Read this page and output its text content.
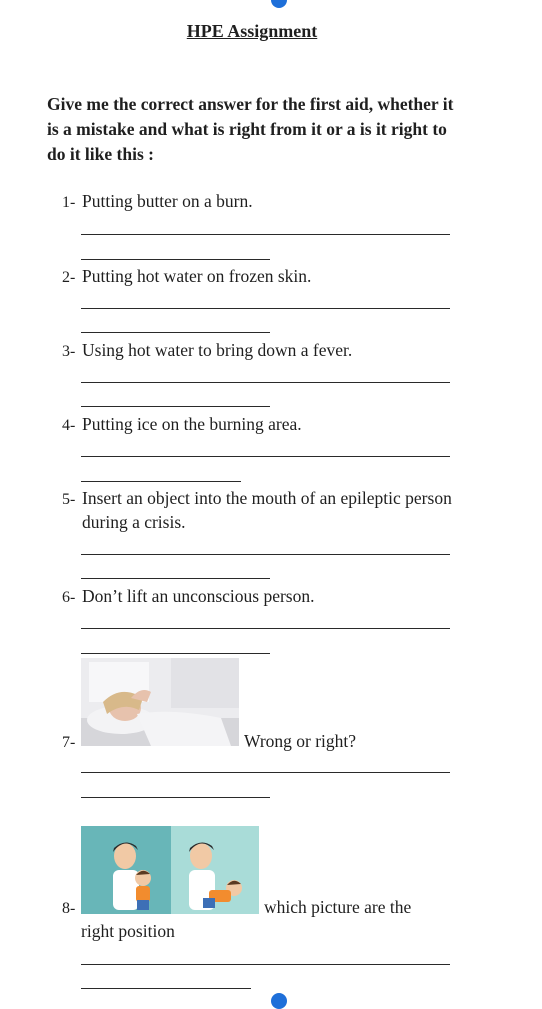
HPE Assignment
Give me the correct answer for the first aid, whether it is a mistake and what is right from it or a is it right to do it like this :
1- Putting butter on a burn.
2- Putting hot water on frozen skin.
3- Using hot water to bring down a fever.
4- Putting ice on the burning area.
5- Insert an object into the mouth of an epileptic person during a crisis.
6- Don’t lift an unconscious person.
7-	Wrong or right?
8-	which picture are the
right position
